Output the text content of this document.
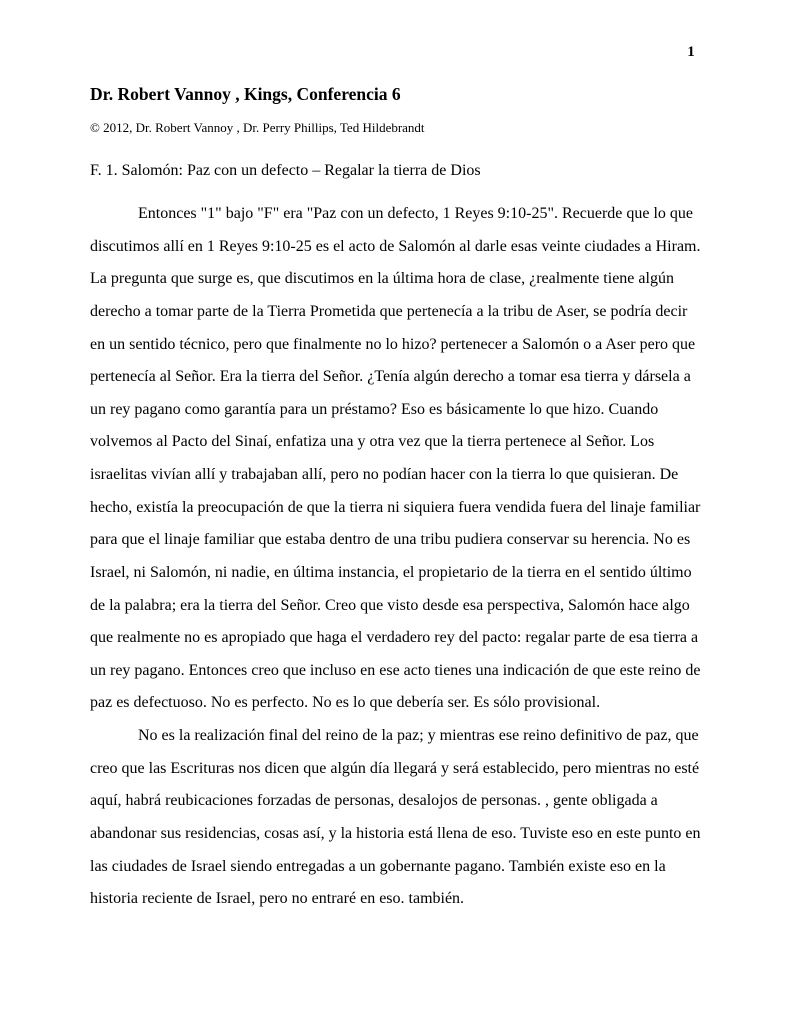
1
Dr. Robert Vannoy , Kings, Conferencia 6
© 2012, Dr. Robert Vannoy , Dr. Perry Phillips, Ted Hildebrandt
F. 1. Salomón: Paz con un defecto – Regalar la tierra de Dios

Entonces "1" bajo "F" era "Paz con un defecto, 1 Reyes 9:10-25". Recuerde que lo que discutimos allí en 1 Reyes 9:10-25 es el acto de Salomón al darle esas veinte ciudades a Hiram. La pregunta que surge es, que discutimos en la última hora de clase, ¿realmente tiene algún derecho a tomar parte de la Tierra Prometida que pertenecía a la tribu de Aser, se podría decir en un sentido técnico, pero que finalmente no lo hizo? pertenecer a Salomón o a Aser pero que pertenecía al Señor. Era la tierra del Señor. ¿Tenía algún derecho a tomar esa tierra y dársela a un rey pagano como garantía para un préstamo? Eso es básicamente lo que hizo. Cuando volvemos al Pacto del Sinaí, enfatiza una y otra vez que la tierra pertenece al Señor. Los israelitas vivían allí y trabajaban allí, pero no podían hacer con la tierra lo que quisieran. De hecho, existía la preocupación de que la tierra ni siquiera fuera vendida fuera del linaje familiar para que el linaje familiar que estaba dentro de una tribu pudiera conservar su herencia. No es Israel, ni Salomón, ni nadie, en última instancia, el propietario de la tierra en el sentido último de la palabra; era la tierra del Señor. Creo que visto desde esa perspectiva, Salomón hace algo que realmente no es apropiado que haga el verdadero rey del pacto: regalar parte de esa tierra a un rey pagano. Entonces creo que incluso en ese acto tienes una indicación de que este reino de paz es defectuoso. No es perfecto. No es lo que debería ser. Es sólo provisional.

No es la realización final del reino de la paz; y mientras ese reino definitivo de paz, que creo que las Escrituras nos dicen que algún día llegará y será establecido, pero mientras no esté aquí, habrá reubicaciones forzadas de personas, desalojos de personas. , gente obligada a abandonar sus residencias, cosas así, y la historia está llena de eso. Tuviste eso en este punto en las ciudades de Israel siendo entregadas a un gobernante pagano. También existe eso en la historia reciente de Israel, pero no entraré en eso. también.
